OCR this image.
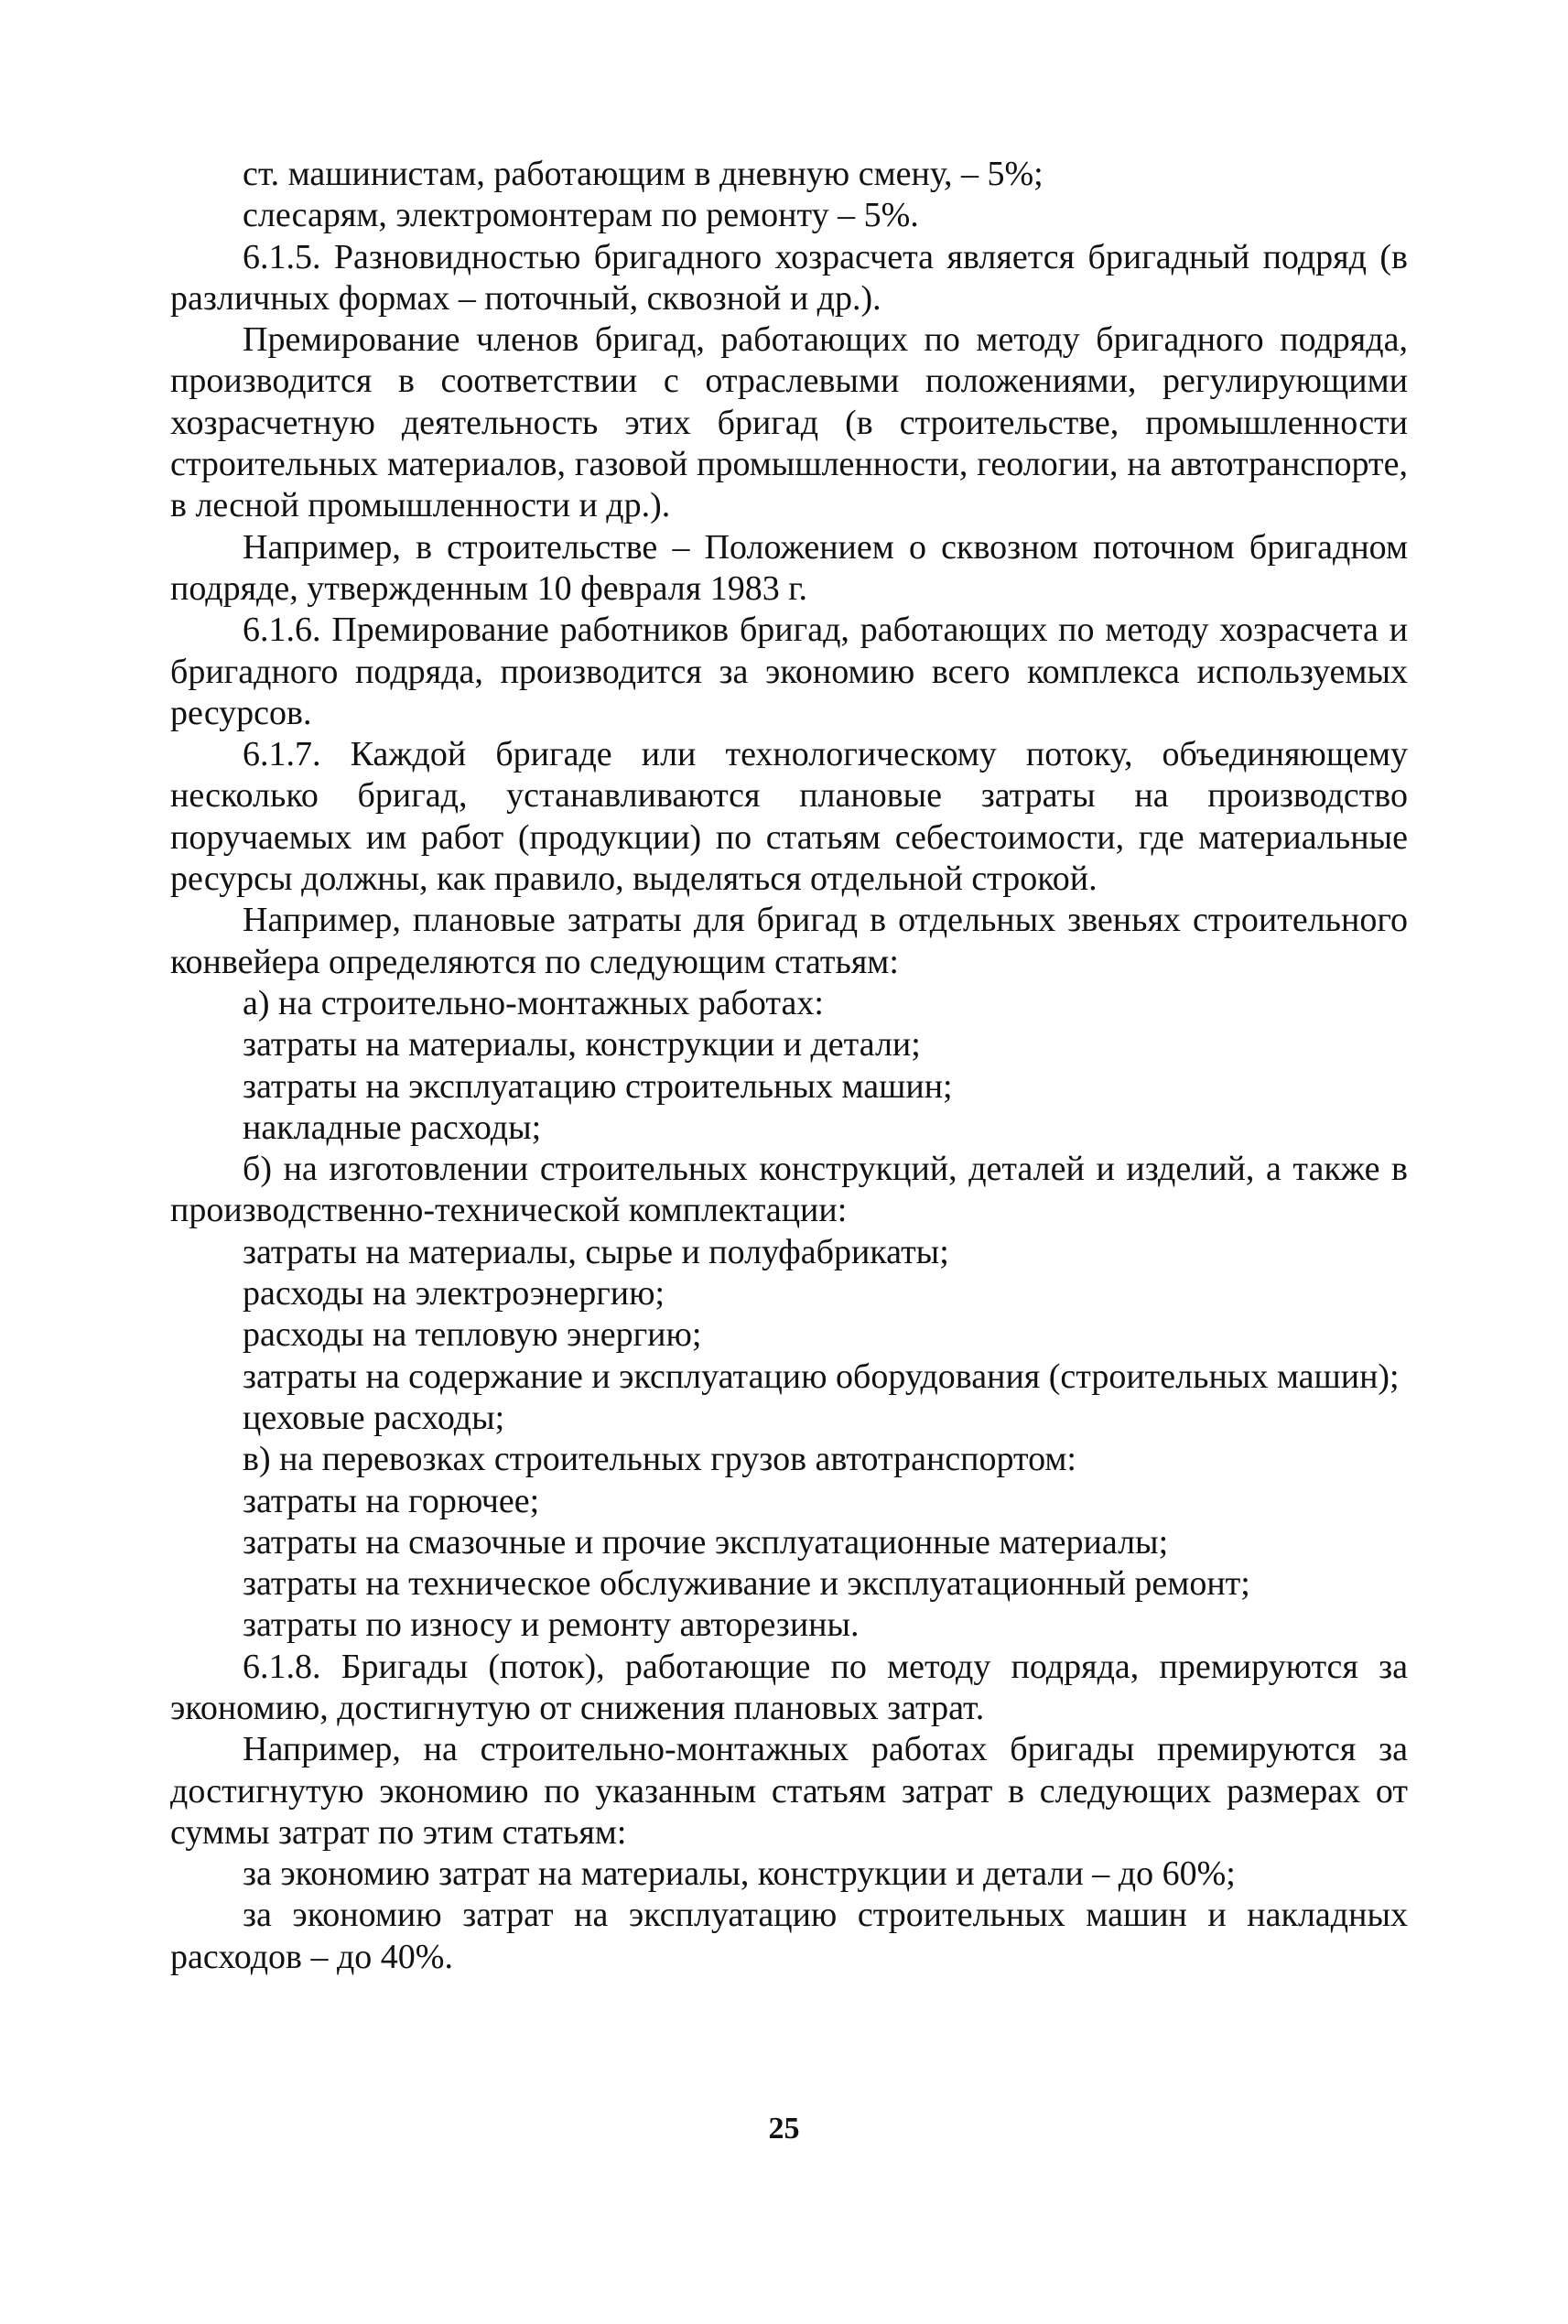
ст. машинистам, работающим в дневную смену, – 5%;

слесарям, электромонтерам по ремонту – 5%.

6.1.5. Разновидностью бригадного хозрасчета является бригадный подряд (в различных формах – поточный, сквозной и др.).

Премирование членов бригад, работающих по методу бригадного подряда, производится в соответствии с отраслевыми положениями, регулирующими хозрасчетную деятельность этих бригад (в строительстве, промышленности строительных материалов, газовой промышленности, геологии, на автотранспорте, в лесной промышленности и др.).

Например, в строительстве – Положением о сквозном поточном бригадном подряде, утвержденным 10 февраля 1983 г.

6.1.6. Премирование работников бригад, работающих по методу хозрасчета и бригадного подряда, производится за экономию всего комплекса используемых ресурсов.

6.1.7. Каждой бригаде или технологическому потоку, объединяющему несколько бригад, устанавливаются плановые затраты на производство поручаемых им работ (продукции) по статьям себестоимости, где материальные ресурсы должны, как правило, выделяться отдельной строкой.

Например, плановые затраты для бригад в отдельных звеньях строительного конвейера определяются по следующим статьям:

а) на строительно-монтажных работах:

затраты на материалы, конструкции и детали;

затраты на эксплуатацию строительных машин;

накладные расходы;

б) на изготовлении строительных конструкций, деталей и изделий, а также в производственно-технической комплектации:

затраты на материалы, сырье и полуфабрикаты;

расходы на электроэнергию;

расходы на тепловую энергию;

затраты на содержание и эксплуатацию оборудования (строительных машин);

цеховые расходы;

в) на перевозках строительных грузов автотранспортом:

затраты на горючее;

затраты на смазочные и прочие эксплуатационные материалы;

затраты на техническое обслуживание и эксплуатационный ремонт;

затраты по износу и ремонту авторезины.

6.1.8. Бригады (поток), работающие по методу подряда, премируются за экономию, достигнутую от снижения плановых затрат.

Например, на строительно-монтажных работах бригады премируются за достигнутую экономию по указанным статьям затрат в следующих размерах от суммы затрат по этим статьям:

за экономию затрат на материалы, конструкции и детали – до 60%;

за экономию затрат на эксплуатацию строительных машин и накладных расходов – до 40%.

25
